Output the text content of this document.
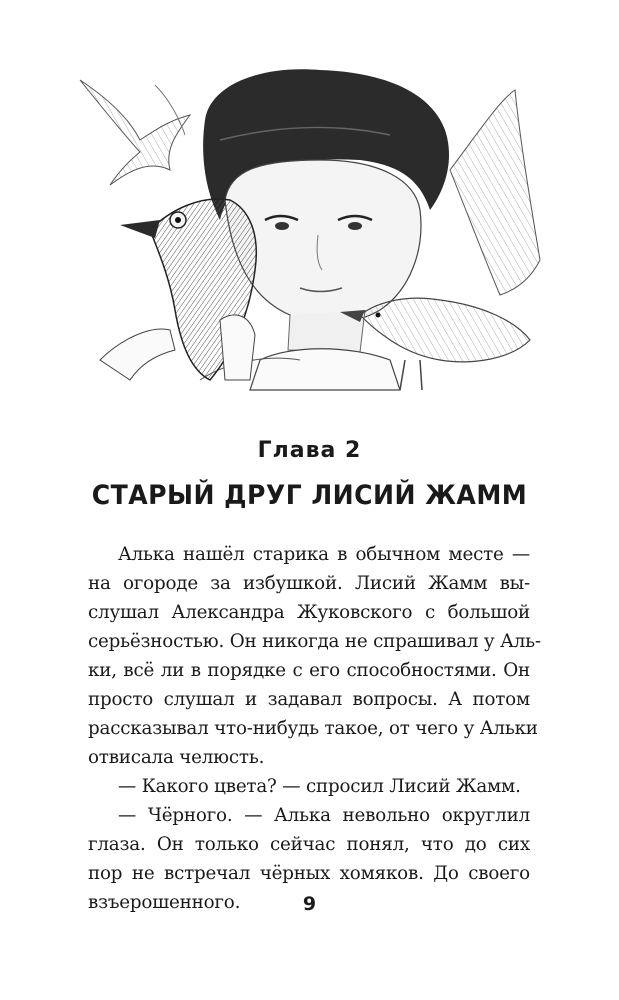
Глава 2
СТАРЫЙ ДРУГ ЛИСИЙ ЖАММ
Алька нашёл старика в обычном месте —
на огороде за избушкой. Лисий Жамм вы-
слушал Александра Жуковского с большой
серьёзностью. Он никогда не спрашивал у Аль-
ки, всё ли в порядке с его способностями. Он
просто слушал и задавал вопросы. А потом
рассказывал что-нибудь такое, от чего у Альки
отвисала челюсть.
— Какого цвета? — спросил Лисий Жамм.
— Чёрного. — Алька невольно округлил
глаза. Он только сейчас понял, что до сих
пор не встречал чёрных хомяков. До своего
взъерошенного.	9
